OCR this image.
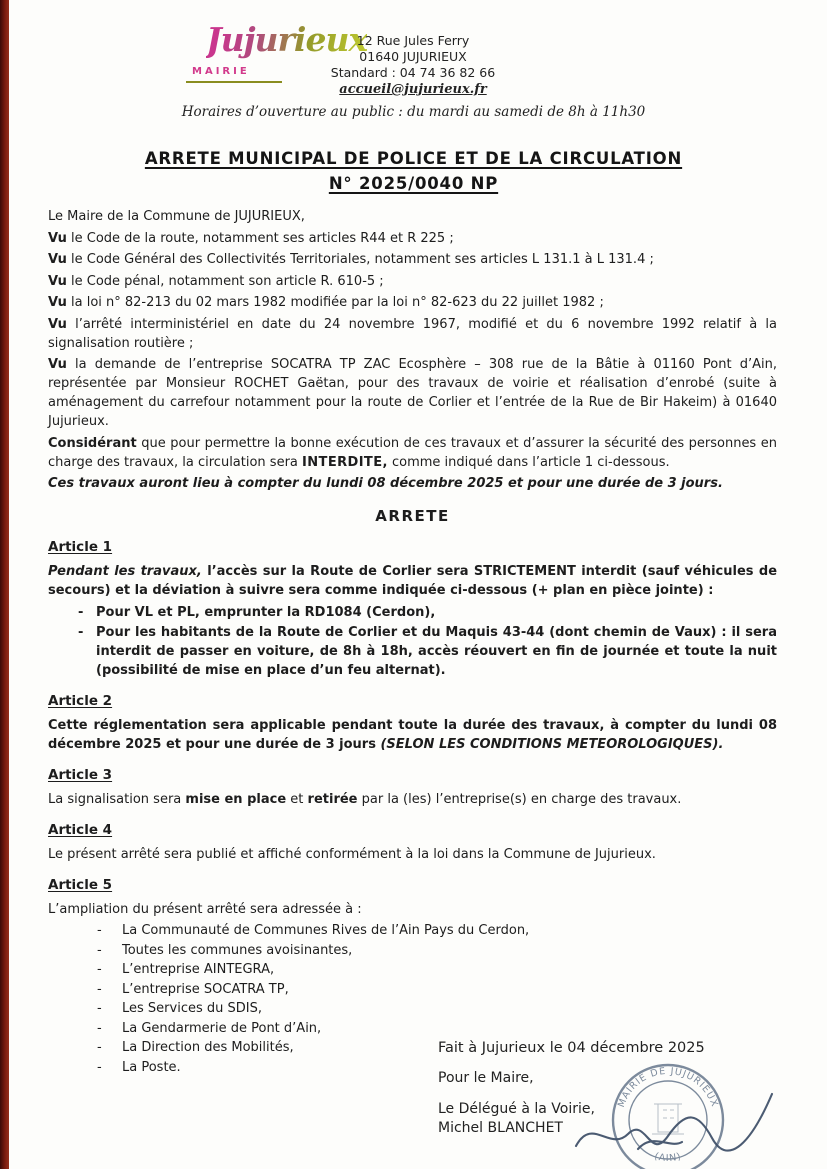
Jujurieux
MAIRIE
12 Rue Jules Ferry
01640 JUJURIEUX
Standard : 04 74 36 82 66
accueil@jujurieux.fr
Horaires d’ouverture au public : du mardi au samedi de 8h à 11h30
ARRETE MUNICIPAL DE POLICE ET DE LA CIRCULATION
N° 2025/0040 NP

Le Maire de la Commune de JUJURIEUX,

Vu le Code de la route, notamment ses articles R44 et R 225 ;

Vu le Code Général des Collectivités Territoriales, notamment ses articles L 131.1 à L 131.4 ;

Vu le Code pénal, notamment son article R. 610-5 ;

Vu la loi n° 82-213 du 02 mars 1982 modifiée par la loi n° 82-623 du 22 juillet 1982 ;

Vu l’arrêté interministériel en date du 24 novembre 1967, modifié et du 6 novembre 1992 relatif à la signalisation routière ;

Vu la demande de l’entreprise SOCATRA TP ZAC Ecosphère – 308 rue de la Bâtie à 01160 Pont d’Ain, représentée par Monsieur ROCHET Gaëtan, pour des travaux de voirie et réalisation d’enrobé (suite à aménagement du carrefour notamment pour la route de Corlier et l’entrée de la Rue de Bir Hakeim) à 01640 Jujurieux.

Considérant que pour permettre la bonne exécution de ces travaux et d’assurer la sécurité des personnes en charge des travaux, la circulation sera INTERDITE, comme indiqué dans l’article 1 ci-dessous.

Ces travaux auront lieu à compter du lundi 08 décembre 2025 et pour une durée de 3 jours.

ARRETE
Article 1

Pendant les travaux, l’accès sur la Route de Corlier sera STRICTEMENT interdit (sauf véhicules de secours) et la déviation à suivre sera comme indiquée ci-dessous (+ plan en pièce jointe) :

- Pour VL et PL, emprunter la RD1084 (Cerdon),
- Pour les habitants de la Route de Corlier et du Maquis 43-44 (dont chemin de Vaux) : il sera interdit de passer en voiture, de 8h à 18h, accès réouvert en fin de journée et toute la nuit (possibilité de mise en place d’un feu alternat).
Article 2

Cette réglementation sera applicable pendant toute la durée des travaux, à compter du lundi 08 décembre 2025 et pour une durée de 3 jours (SELON LES CONDITIONS METEOROLOGIQUES).

Article 3

La signalisation sera mise en place et retirée par la (les) l’entreprise(s) en charge des travaux.

Article 4

Le présent arrêté sera publié et affiché conformément à la loi dans la Commune de Jujurieux.

Article 5

L’ampliation du présent arrêté sera adressée à :

- La Communauté de Communes Rives de l’Ain Pays du Cerdon,
- Toutes les communes avoisinantes,
- L’entreprise AINTEGRA,
- L’entreprise SOCATRA TP,
- Les Services du SDIS,
- La Gendarmerie de Pont d’Ain,
- La Direction des Mobilités,
- La Poste.
Fait à Jujurieux le 04 décembre 2025
Pour le Maire,
Le Délégué à la Voirie,
Michel BLANCHET
MAIRIE DE JUJURIEUX
(AIN)
